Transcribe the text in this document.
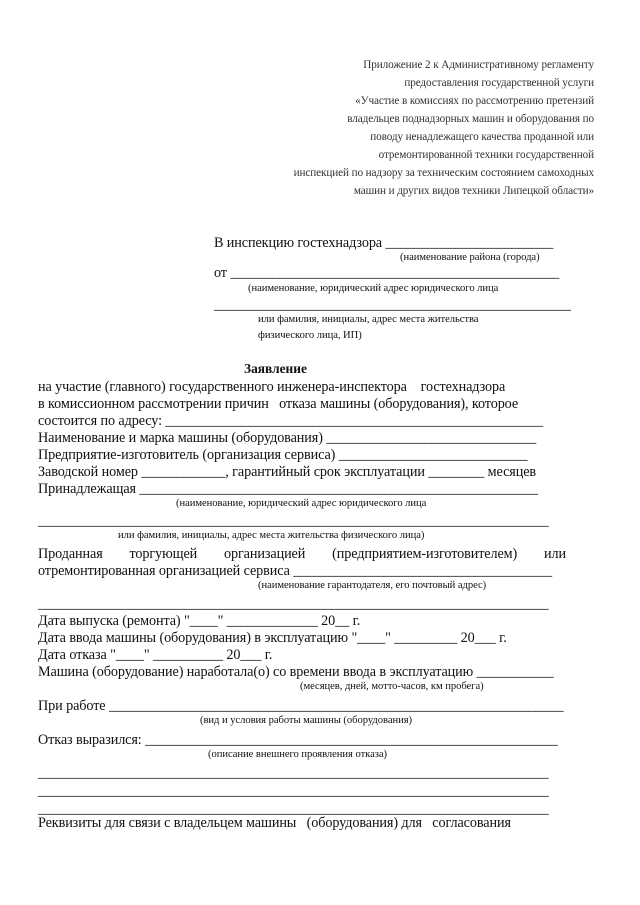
Приложение 2 к Административному регламенту
предоставления государственной услуги
«Участие в комиссиях по рассмотрению претензий
владельцев поднадзорных машин и оборудования по
поводу ненадлежащего качества проданной или
отремонтированной техники государственной
инспекцией по надзору за техническим состоянием самоходных
машин и других видов техники Липецкой области»
В инспекцию гостехнадзора ________________________
(наименование района (города)
от _______________________________________________
(наименование, юридический адрес юридического лица
___________________________________________________
или фамилия, инициалы, адрес места жительства
физического лица, ИП)
Заявление
на участие (главного) государственного инженера-инспектора    гостехнадзора
в комиссионном рассмотрении причин   отказа машины (оборудования), которое
состоится по адресу: ______________________________________________________
Наименование и марка машины (оборудования) ______________________________
Предприятие-изготовитель (организация сервиса) ___________________________
Заводской номер ____________, гарантийный срок эксплуатации ________ месяцев
Принадлежащая _________________________________________________________
(наименование, юридический адрес юридического лица
_________________________________________________________________________
или фамилия, инициалы, адрес места жительства физического лица)
Проданная торгующей организацией (предприятием-изготовителем) или
отремонтированная организацией сервиса _____________________________________
(наименование гарантодателя, его почтовый адрес)
_________________________________________________________________________
Дата выпуска (ремонта) "____" _____________ 20__ г.
Дата ввода машины (оборудования) в эксплуатацию "____" _________ 20___ г.
Дата отказа "____" __________ 20___ г.
Машина (оборудование) наработала(о) со времени ввода в эксплуатацию ___________
(месяцев, дней, мотто-часов, км пробега)
При работе _________________________________________________________________
(вид и условия работы машины (оборудования)
Отказ выразился: ___________________________________________________________
(описание внешнего проявления отказа)
_________________________________________________________________________
_________________________________________________________________________
_________________________________________________________________________
Реквизиты для связи с владельцем машины   (оборудования) для   согласования
